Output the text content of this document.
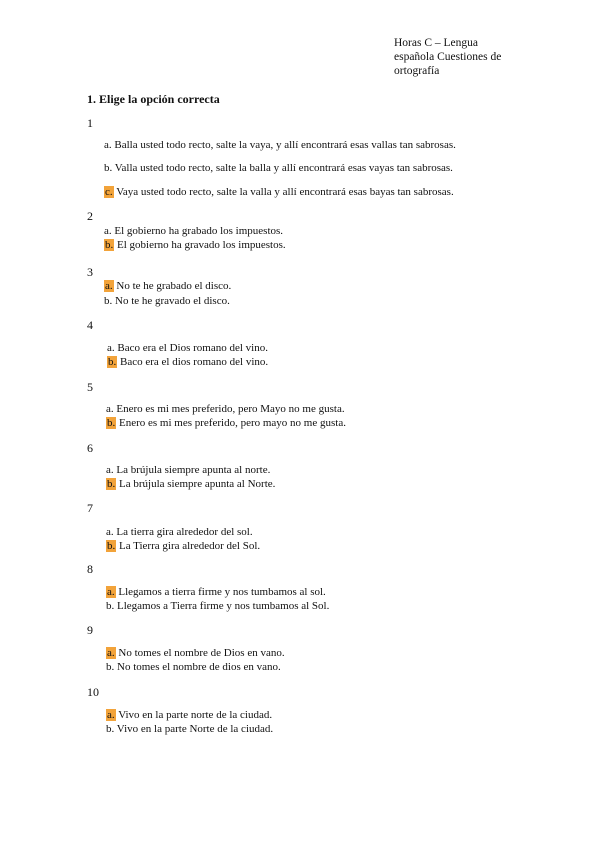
Horas C – Lengua
española Cuestiones de
ortografía
1. Elige la opción correcta
1
a. Balla usted todo recto, salte la vaya, y allí encontrará esas vallas tan sabrosas.
b. Valla usted todo recto, salte la balla y allí encontrará esas vayas tan sabrosas.
c. Vaya usted todo recto, salte la valla y allí encontrará esas bayas tan sabrosas.
2
a. El gobierno ha grabado los impuestos.
b. El gobierno ha gravado los impuestos.
3
a. No te he grabado el disco.
b. No te he gravado el disco.
4
a. Baco era el Dios romano del vino.
b. Baco era el dios romano del vino.
5
a. Enero es mi mes preferido, pero Mayo no me gusta.
b. Enero es mi mes preferido, pero mayo no me gusta.
6
a. La brújula siempre apunta al norte.
b. La brújula siempre apunta al Norte.
7
a. La tierra gira alrededor del sol.
b. La Tierra gira alrededor del Sol.
8
a. Llegamos a tierra firme y nos tumbamos al sol.
b. Llegamos a Tierra firme y nos tumbamos al Sol.
9
a. No tomes el nombre de Dios en vano.
b. No tomes el nombre de dios en vano.
10
a. Vivo en la parte norte de la ciudad.
b. Vivo en la parte Norte de la ciudad.
